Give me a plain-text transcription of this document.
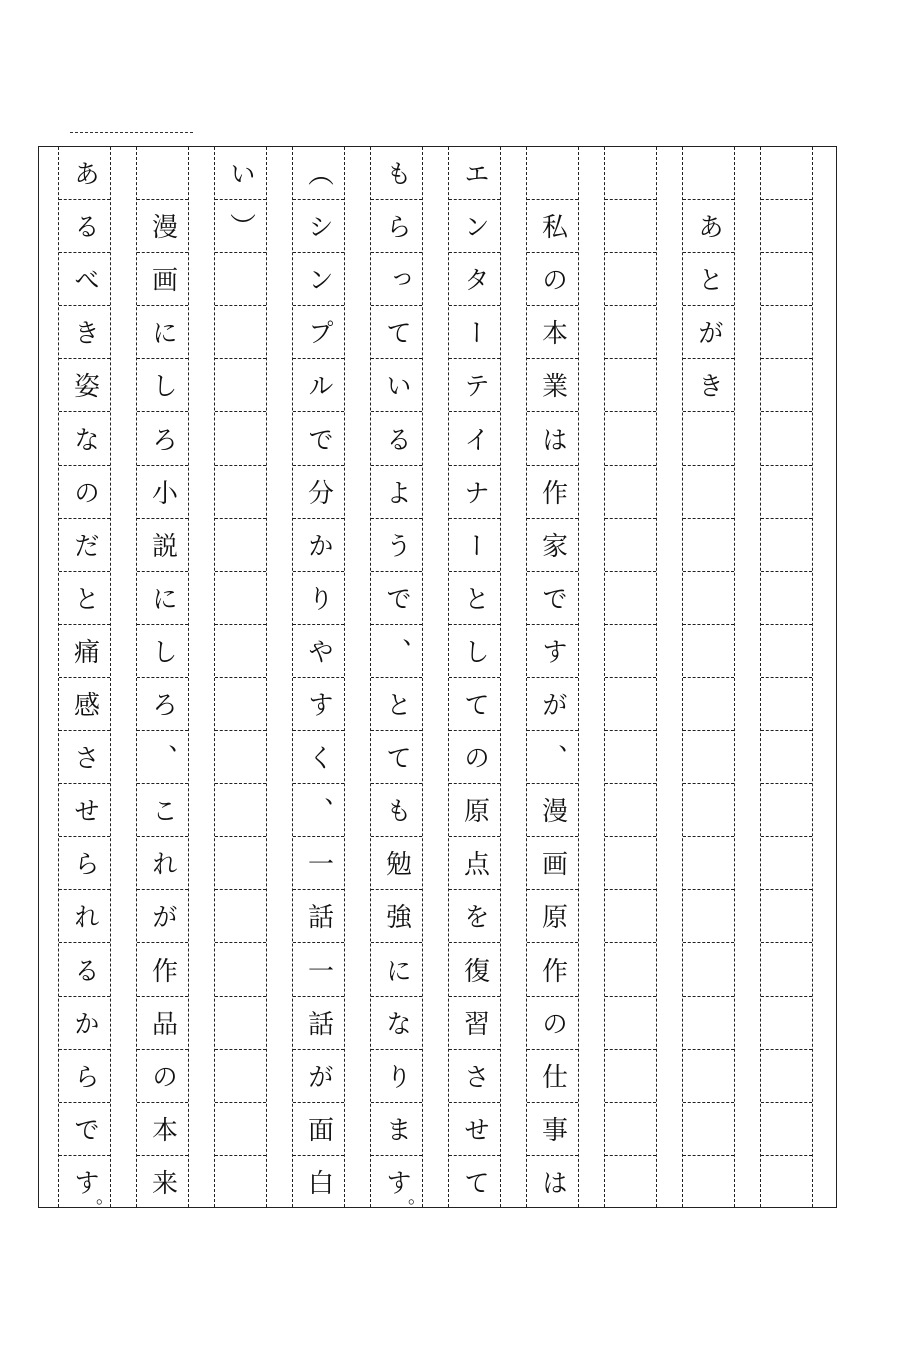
あ
と
が
き
私
の
本
業
は
作
家
で
す
が
、
漫
画
原
作
の
仕
事
は
エ
ン
タ
ー
テ
イ
ナ
ー
と
し
て
の
原
点
を
復
習
さ
せ
て
も
ら
っ
て
い
る
よ
う
で
、
と
て
も
勉
強
に
な
り
ま
す
。
（
シ
ン
プ
ル
で
分
か
り
や
す
く
、
一
話
一
話
が
面
白
い
）
漫
画
に
し
ろ
小
説
に
し
ろ
、
こ
れ
が
作
品
の
本
来
あ
る
べ
き
姿
な
の
だ
と
痛
感
さ
せ
ら
れ
る
か
ら
で
す
。
